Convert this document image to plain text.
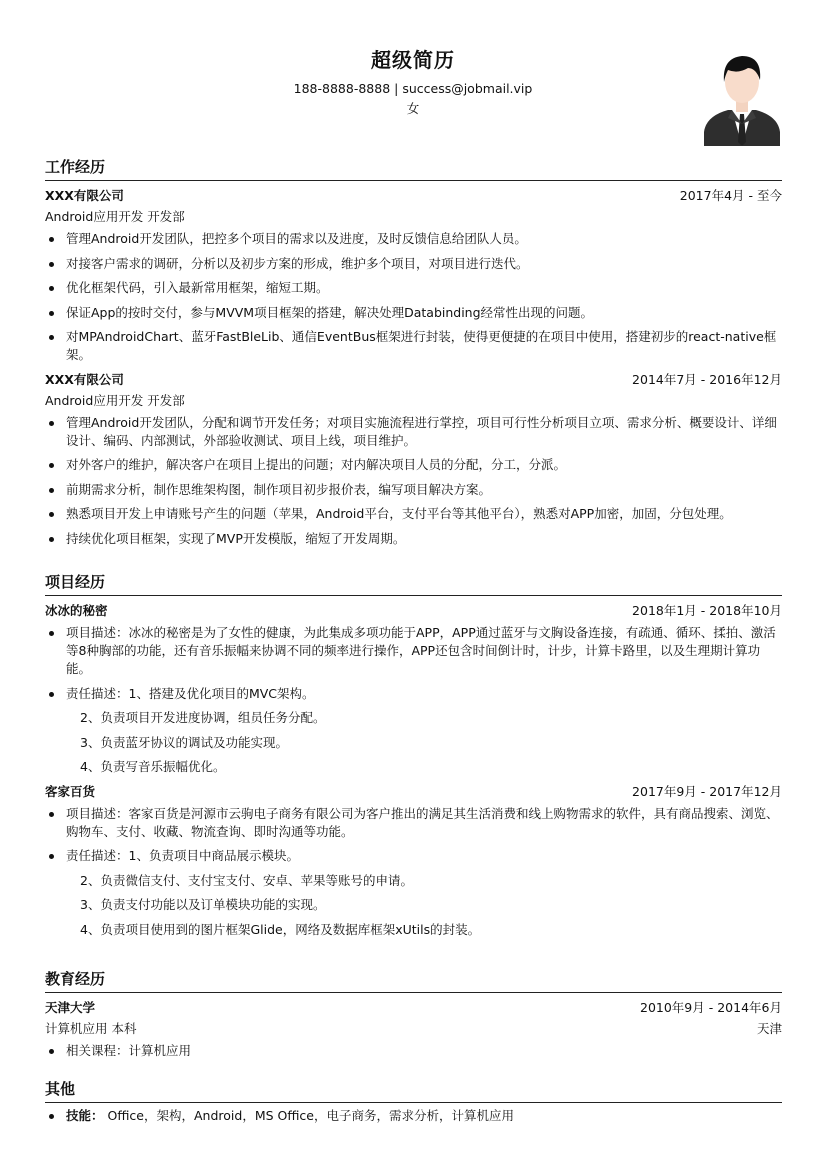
超级简历
188-8888-8888 | success@jobmail.vip
女
工作经历
XXX有限公司	2017年4月 - 至今
Android应用开发 开发部
管理Android开发团队，把控多个项目的需求以及进度，及时反馈信息给团队人员。
对接客户需求的调研，分析以及初步方案的形成，维护多个项目，对项目进行迭代。
优化框架代码，引入最新常用框架，缩短工期。
保证App的按时交付，参与MVVM项目框架的搭建，解决处理Databinding经常性出现的问题。
对MPAndroidChart、蓝牙FastBleLib、通信EventBus框架进行封装，使得更便捷的在项目中使用，搭建初步的react-native框架。
XXX有限公司	2014年7月 - 2016年12月
Android应用开发 开发部
管理Android开发团队，分配和调节开发任务；对项目实施流程进行掌控，项目可行性分析项目立项、需求分析、概要设计、详细设计、编码、内部测试，外部验收测试、项目上线，项目维护。
对外客户的维护，解决客户在项目上提出的问题；对内解决项目人员的分配，分工，分派。
前期需求分析，制作思维架构图，制作项目初步报价表，编写项目解决方案。
熟悉项目开发上申请账号产生的问题（苹果，Android平台，支付平台等其他平台），熟悉对APP加密，加固，分包处理。
持续优化项目框架，实现了MVP开发模版，缩短了开发周期。
项目经历
冰冰的秘密	2018年1月 - 2018年10月
项目描述：冰冰的秘密是为了女性的健康，为此集成多项功能于APP，APP通过蓝牙与文胸设备连接，有疏通、循环、揉拍、激活等8种胸部的功能，还有音乐振幅来协调不同的频率进行操作，APP还包含时间倒计时，计步，计算卡路里，以及生理期计算功能。
责任描述：1、搭建及优化项目的MVC架构。
2、负责项目开发进度协调，组员任务分配。
3、负责蓝牙协议的调试及功能实现。
4、负责写音乐振幅优化。
客家百货	2017年9月 - 2017年12月
项目描述：客家百货是河源市云驹电子商务有限公司为客户推出的满足其生活消费和线上购物需求的软件，具有商品搜索、浏览、购物车、支付、收藏、物流查询、即时沟通等功能。
责任描述：1、负责项目中商品展示模块。
2、负责微信支付、支付宝支付、安卓、苹果等账号的申请。
3、负责支付功能以及订单模块功能的实现。
4、负责项目使用到的图片框架Glide，网络及数据库框架xUtils的封装。
教育经历
天津大学	2010年9月 - 2014年6月
计算机应用 本科	天津
相关课程：计算机应用
其他
技能： Office，架构，Android，MS Office，电子商务，需求分析，计算机应用
